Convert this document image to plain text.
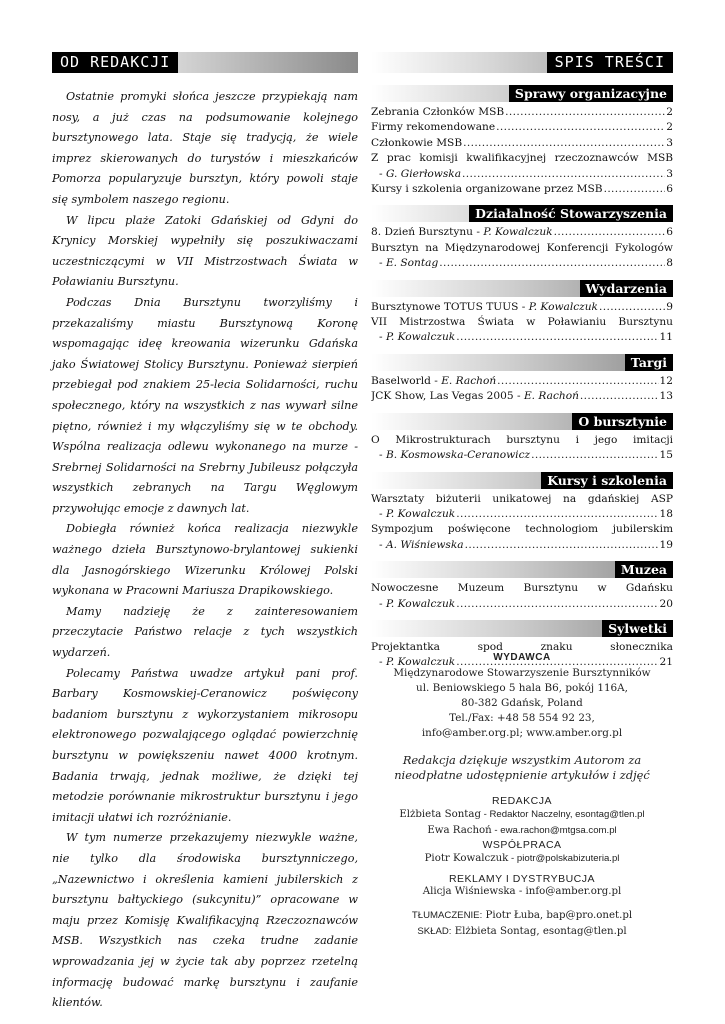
OD REDAKCJI

Ostatnie promyki słońca jeszcze przypiekają nam nosy, a już czas na podsumowanie kolejnego bursztynowego lata. Staje się tradycją, że wiele imprez skierowanych do turystów i mieszkańców Pomorza popularyzuje bursztyn, który powoli staje się symbolem naszego regionu.

W lipcu plaże Zatoki Gdańskiej od Gdyni do Krynicy Morskiej wypełniły się poszukiwaczami uczestniczącymi w VII Mistrzostwach Świata w Poławianiu Bursztynu.

Podczas Dnia Bursztynu tworzyliśmy i przekazaliśmy miastu Bursztynową Koronę wspomagając ideę kreowania wizerunku Gdańska jako Światowej Stolicy Bursztynu. Ponieważ sierpień przebiegał pod znakiem 25-lecia Solidarności, ruchu społecznego, który na wszystkich z nas wywarł silne piętno, również i my włączyliśmy się w te obchody. Wspólna realizacja odlewu wykonanego na murze - Srebrnej Solidarności na Srebrny Jubileusz połączyła wszystkich zebranych na Targu Węglowym przywołując emocje z dawnych lat.

Dobiegła również końca realizacja niezwykle ważnego dzieła Bursztynowo-brylantowej sukienki dla Jasnogórskiego Wizerunku Królowej Polski wykonana w Pracowni Mariusza Drapikowskiego.

Mamy nadzieję że z zainteresowaniem przeczytacie Państwo relacje z tych wszystkich wydarzeń.

Polecamy Państwa uwadze artykuł pani prof. Barbary Kosmowskiej-Ceranowicz poświęcony badaniom bursztynu z wykorzystaniem mikrosopu elektronowego pozwalającego oglądać powierzchnię bursztynu w powiększeniu nawet 4000 krotnym. Badania trwają, jednak możliwe, że dzięki tej metodzie porównanie mikrostruktur bursztynu i jego imitacji ułatwi ich rozróżnianie.

W tym numerze przekazujemy niezwykle ważne, nie tylko dla środowiska bursztynniczego, „Nazewnictwo i określenia kamieni jubilerskich z bursztynu bałtyckiego (sukcynitu)” opracowane w maju przez Komisję Kwalifikacyjną Rzeczoznawców MSB. Wszystkich nas czeka trudne zadanie wprowadzania jej w życie tak aby poprzez rzetelną informację budować markę bursztynu i zaufanie klientów.

SPIS TREŚCI
Sprawy organizacyjne
Zebrania Członków MSB . . .	2
Firmy rekomendowane . . .	2
Członkowie MSB . . .	3
Z prac komisji kwalifikacyjnej rzeczoznawców MSB
- G. Gierłowska . . .	3
Kursy i szkolenia organizowane przez MSB . . .	6
Działalność Stowarzyszenia
8. Dzień Bursztynu - P. Kowalczuk . . .	6
Bursztyn na Międzynarodowej Konferencji Fykologów
- E. Sontag . . .	8
Wydarzenia
Bursztynowe TOTUS TUUS - P. Kowalczuk . . .	9
VII Mistrzostwa Świata w Poławianiu Bursztynu
- P. Kowalczuk . . .	11
Targi
Baselworld - E. Rachoń . . .	12
JCK Show, Las Vegas 2005 - E. Rachoń . . .	13
O bursztynie
O Mikrostrukturach bursztynu i jego imitacji
- B. Kosmowska-Ceranowicz . . .	15
Kursy i szkolenia
Warsztaty biżuterii unikatowej na gdańskiej ASP
- P. Kowalczuk . . .	18
Sympozjum poświęcone technologiom jubilerskim
- A. Wiśniewska . . .	19
Muzea
Nowoczesne Muzeum Bursztynu w Gdańsku
- P. Kowalczuk . . .	20
Sylwetki
Projektantka spod znaku słonecznika
- P. Kowalczuk . . .	21
WYDAWCA
Międzynarodowe Stowarzyszenie Bursztynników
ul. Beniowskiego 5 hala B6, pokój 116A,
80-382 Gdańsk, Poland
Tel./Fax: +48 58 554 92 23,
info@amber.org.pl; www.amber.org.pl
Redakcja dziękuje wszystkim Autorom za nieodpłatne udostępnienie artykułów i zdjęć
REDAKCJA
Elżbieta Sontag - Redaktor Naczelny, esontag@tlen.pl
Ewa Rachoń - ewa.rachon@mtgsa.com.pl
WSPÓŁPRACA
Piotr Kowalczuk - piotr@polskabizuteria.pl
REKLAMY I DYSTRYBUCJA
Alicja Wiśniewska - info@amber.org.pl
TŁUMACZENIE: Piotr Łuba, bap@pro.onet.pl
SKŁAD: Elżbieta Sontag, esontag@tlen.pl
